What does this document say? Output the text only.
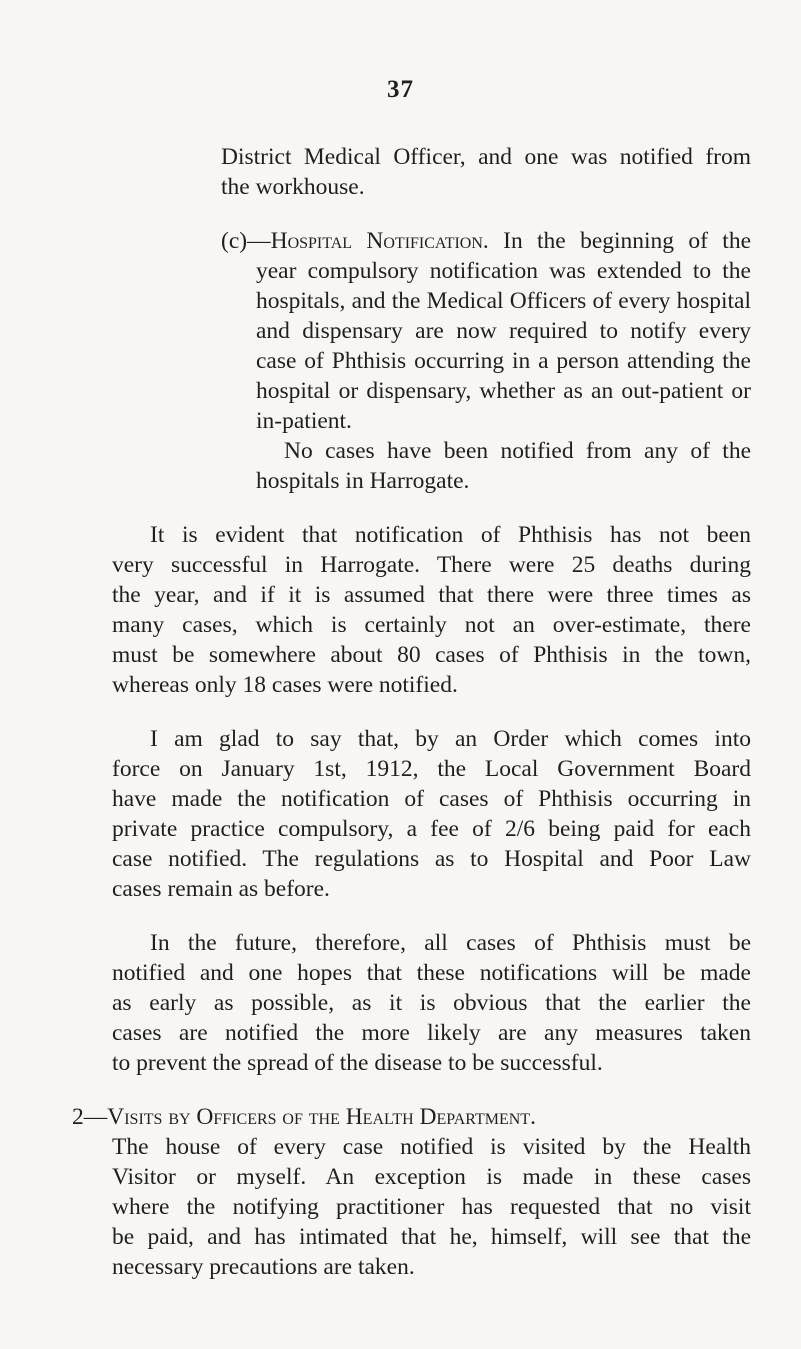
37
District Medical Officer, and one was notified from
the workhouse.
(c)—Hospital Notification. In the beginning of the
year compulsory notification was extended to the
hospitals, and the Medical Officers of every hospital
and dispensary are now required to notify every
case of Phthisis occurring in a person attending the
hospital or dispensary, whether as an out-patient or
in-patient.
No cases have been notified from any of the
hospitals in Harrogate.
It is evident that notification of Phthisis has not been
very successful in Harrogate. There were 25 deaths during
the year, and if it is assumed that there were three times as
many cases, which is certainly not an over-estimate, there
must be somewhere about 80 cases of Phthisis in the town,
whereas only 18 cases were notified.
I am glad to say that, by an Order which comes into
force on January 1st, 1912, the Local Government Board
have made the notification of cases of Phthisis occurring in
private practice compulsory, a fee of 2/6 being paid for each
case notified. The regulations as to Hospital and Poor Law
cases remain as before.
In the future, therefore, all cases of Phthisis must be
notified and one hopes that these notifications will be made
as early as possible, as it is obvious that the earlier the
cases are notified the more likely are any measures taken
to prevent the spread of the disease to be successful.
2—Visits by Officers of the Health Department.
The house of every case notified is visited by the Health
Visitor or myself. An exception is made in these cases
where the notifying practitioner has requested that no visit
be paid, and has intimated that he, himself, will see that the
necessary precautions are taken.
